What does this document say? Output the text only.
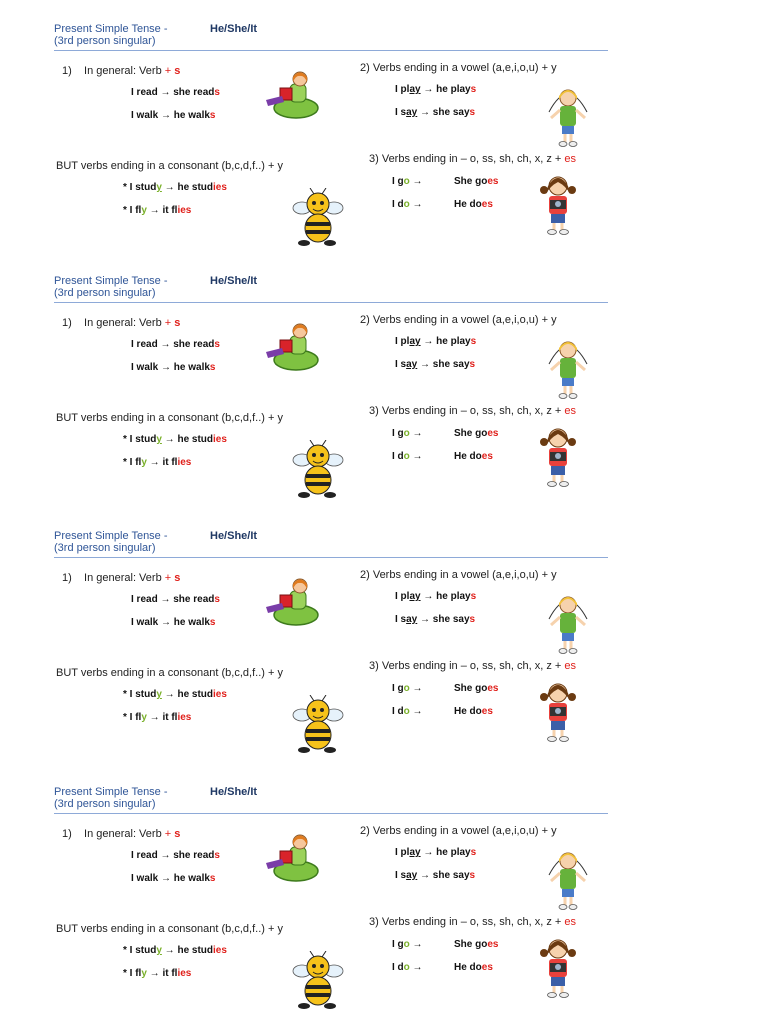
Present Simple Tense -	He/She/It
(3rd person singular)
1) In general: Verb + s
I read → she reads
I walk → he walks
2) Verbs ending in a vowel (a,e,i,o,u) + y
I play → he plays
I say → she says
BUT verbs ending in a consonant (b,c,d,f..) + y
* I study → he studies
* I fly → it flies
3) Verbs ending in – o, ss, sh, ch, x, z + es
I go →	She goes
I do →	He does
Present Simple Tense -	He/She/It
(3rd person singular)
1) In general: Verb + s
I read → she reads
I walk → he walks
2) Verbs ending in a vowel (a,e,i,o,u) + y
I play → he plays
I say → she says
BUT verbs ending in a consonant (b,c,d,f..) + y
* I study → he studies
* I fly → it flies
3) Verbs ending in – o, ss, sh, ch, x, z + es
I go →	She goes
I do →	He does
Present Simple Tense -	He/She/It
(3rd person singular)
1) In general: Verb + s
I read → she reads
I walk → he walks
2) Verbs ending in a vowel (a,e,i,o,u) + y
I play → he plays
I say → she says
BUT verbs ending in a consonant (b,c,d,f..) + y
* I study → he studies
* I fly → it flies
3) Verbs ending in – o, ss, sh, ch, x, z + es
I go →	She goes
I do →	He does
Present Simple Tense -	He/She/It
(3rd person singular)
1) In general: Verb + s
I read → she reads
I walk → he walks
2) Verbs ending in a vowel (a,e,i,o,u) + y
I play → he plays
I say → she says
BUT verbs ending in a consonant (b,c,d,f..) + y
* I study → he studies
* I fly → it flies
3) Verbs ending in – o, ss, sh, ch, x, z + es
I go →	She goes
I do →	He does
